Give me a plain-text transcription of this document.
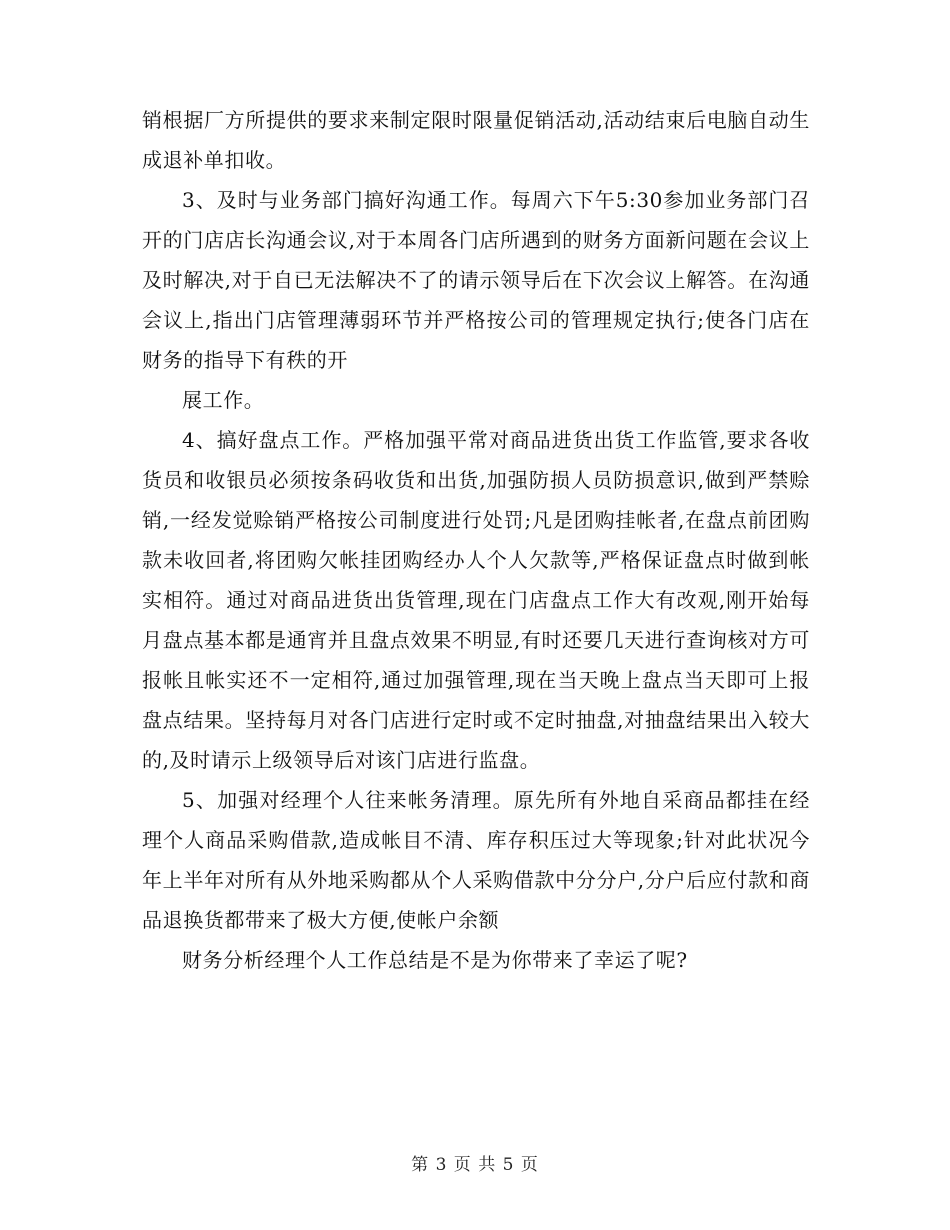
销根据厂方所提供的要求来制定限时限量促销活动,活动结束后电脑自动生成退补单扣收。

3、及时与业务部门搞好沟通工作。每周六下午5:30参加业务部门召开的门店店长沟通会议,对于本周各门店所遇到的财务方面新问题在会议上及时解决,对于自已无法解决不了的请示领导后在下次会议上解答。在沟通会议上,指出门店管理薄弱环节并严格按公司的管理规定执行;使各门店在财务的指导下有秩的开

展工作。

4、搞好盘点工作。严格加强平常对商品进货出货工作监管,要求各收货员和收银员必须按条码收货和出货,加强防损人员防损意识,做到严禁赊销,一经发觉赊销严格按公司制度进行处罚;凡是团购挂帐者,在盘点前团购款未收回者,将团购欠帐挂团购经办人个人欠款等,严格保证盘点时做到帐实相符。通过对商品进货出货管理,现在门店盘点工作大有改观,刚开始每月盘点基本都是通宵并且盘点效果不明显,有时还要几天进行查询核对方可报帐且帐实还不一定相符,通过加强管理,现在当天晚上盘点当天即可上报盘点结果。坚持每月对各门店进行定时或不定时抽盘,对抽盘结果出入较大的,及时请示上级领导后对该门店进行监盘。

5、加强对经理个人往来帐务清理。原先所有外地自采商品都挂在经理个人商品采购借款,造成帐目不清、库存积压过大等现象;针对此状况今年上半年对所有从外地采购都从个人采购借款中分分户,分户后应付款和商品退换货都带来了极大方便,使帐户余额

财务分析经理个人工作总结是不是为你带来了幸运了呢?

第 3 页 共 5 页
